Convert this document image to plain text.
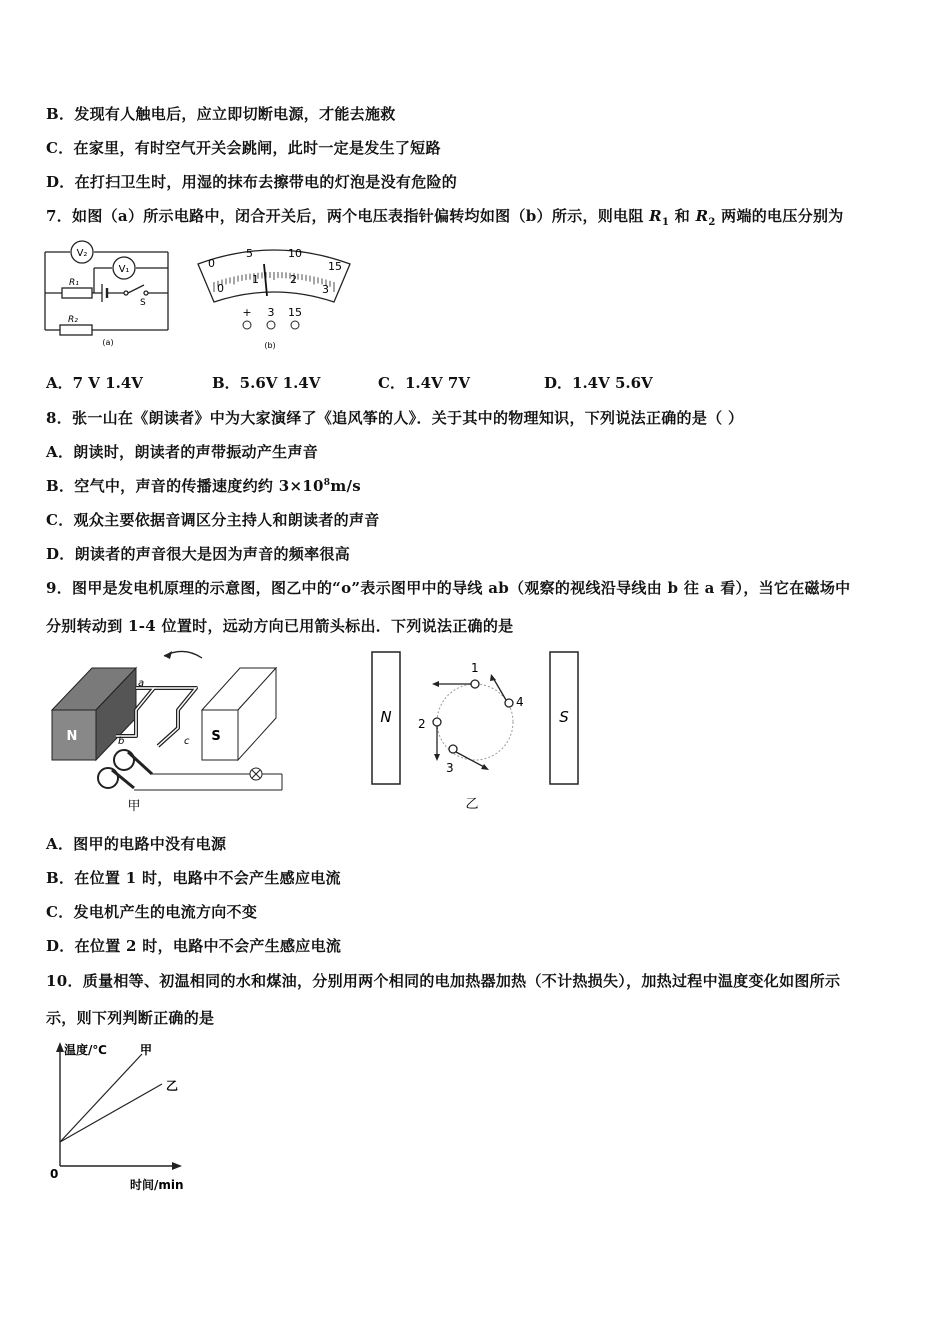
B．发现有人触电后，应立即切断电源，才能去施救
C．在家里，有时空气开关会跳闸，此时一定是发生了短路
D．在打扫卫生时，用湿的抹布去擦带电的灯泡是没有危险的
7．如图（a）所示电路中，闭合开关后，两个电压表指针偏转均如图（b）所示，则电阻 $R_1$ 和 $R_2$ 两端的电压分别为
V₂
V₁
R₁
R₂
S
(a)
0
5	10
15
0
1	2
3
+ 3 15
(b)
A．7 V 1.4V	B．5.6V 1.4V	C．1.4V 7V	D．1.4V 5.6V
8．张一山在《朗读者》中为大家演绎了《追风筝的人》．关于其中的物理知识，下列说法正确的是（ ）
A．朗读时，朗读者的声带振动产生声音
B．空气中，声音的传播速度约约 $3\times 10^8m/s$
C．观众主要依据音调区分主持人和朗读者的声音
D．朗读者的声音很大是因为声音的频率很高
9．图甲是发电机原理的示意图，图乙中的“o”表示图甲中的导线 ab（观察的视线沿导线由 b 往 a 看），当它在磁场中
分别转动到 1-4 位置时，远动方向已用箭头标出．下列说法正确的是
N	S
a
b	c
甲
N	S
1
4
2
3
乙
A．图甲的电路中没有电源
B．在位置 1 时，电路中不会产生感应电流
C．发电机产生的电流方向不变
D．在位置 2 时，电路中不会产生感应电流
10．质量相等、初温相同的水和煤油，分别用两个相同的电加热器加热（不计热损失），加热过程中温度变化如图所示
示，则下列判断正确的是
温度/℃	甲
乙
0
时间/min
